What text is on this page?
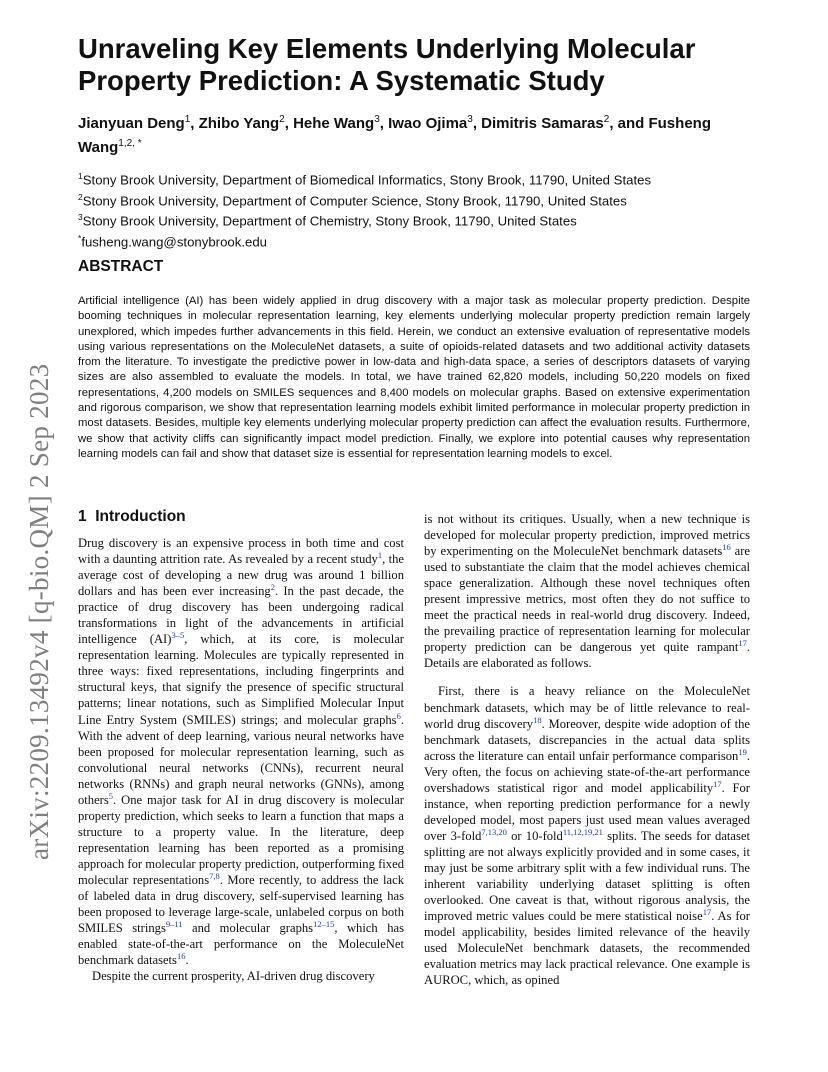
arXiv:2209.13492v4 [q-bio.QM] 2 Sep 2023
Unraveling Key Elements Underlying Molecular
Property Prediction: A Systematic Study
Jianyuan Deng$^1$, Zhibo Yang$^2$, Hehe Wang$^3$, Iwao Ojima$^3$, Dimitris Samaras$^2$, and Fusheng
Wang$^{1,2, *}$
$^1$Stony Brook University, Department of Biomedical Informatics, Stony Brook, 11790, United States
$^2$Stony Brook University, Department of Computer Science, Stony Brook, 11790, United States
$^3$Stony Brook University, Department of Chemistry, Stony Brook, 11790, United States
*fusheng.wang@stonybrook.edu
ABSTRACT
Artificial intelligence (AI) has been widely applied in drug discovery with a major task as molecular property prediction. Despite booming techniques in molecular representation learning, key elements underlying molecular property prediction remain largely unexplored, which impedes further advancements in this field. Herein, we conduct an extensive evaluation of representative models using various representations on the MoleculeNet datasets, a suite of opioids-related datasets and two additional activity datasets from the literature. To investigate the predictive power in low-data and high-data space, a series of descriptors datasets of varying sizes are also assembled to evaluate the models. In total, we have trained 62,820 models, including 50,220 models on fixed representations, 4,200 models on SMILES sequences and 8,400 models on molecular graphs. Based on extensive experimentation and rigorous comparison, we show that representation learning models exhibit limited performance in molecular property prediction in most datasets. Besides, multiple key elements underlying molecular property prediction can affect the evaluation results. Furthermore, we show that activity cliffs can significantly impact model prediction. Finally, we explore into potential causes why representation learning models can fail and show that dataset size is essential for representation learning models to excel.
1 Introduction

Drug discovery is an expensive process in both time and cost with a daunting attrition rate. As revealed by a recent study$^1$, the average cost of developing a new drug was around 1 billion dollars and has been ever increasing$^2$. In the past decade, the practice of drug discovery has been undergoing radical transformations in light of the advancements in artificial intelligence (AI)$^{3-5}$, which, at its core, is molecular representation learning. Molecules are typically represented in three ways: fixed representations, including fingerprints and structural keys, that signify the presence of specific structural patterns; linear notations, such as Simplified Molecular Input Line Entry System (SMILES) strings; and molecular graphs$^6$. With the advent of deep learning, various neural networks have been proposed for molecular representation learning, such as convolutional neural networks (CNNs), recurrent neural networks (RNNs) and graph neural networks (GNNs), among others$^5$. One major task for AI in drug discovery is molecular property prediction, which seeks to learn a function that maps a structure to a property value. In the literature, deep representation learning has been reported as a promising approach for molecular property prediction, outperforming fixed molecular representations$^{7,8}$. More recently, to address the lack of labeled data in drug discovery, self-supervised learning has been proposed to leverage large-scale, unlabeled corpus on both SMILES strings$^{9-11}$ and molecular graphs$^{12-15}$, which has enabled state-of-the-art performance on the MoleculeNet benchmark datasets$^{16}$.

Despite the current prosperity, AI-driven drug discovery

is not without its critiques. Usually, when a new technique is developed for molecular property prediction, improved metrics by experimenting on the MoleculeNet benchmark datasets$^{16}$ are used to substantiate the claim that the model achieves chemical space generalization. Although these novel techniques often present impressive metrics, most often they do not suffice to meet the practical needs in real-world drug discovery. Indeed, the prevailing practice of representation learning for molecular property prediction can be dangerous yet quite rampant$^{17}$. Details are elaborated as follows.

First, there is a heavy reliance on the MoleculeNet benchmark datasets, which may be of little relevance to real-world drug discovery$^{18}$. Moreover, despite wide adoption of the benchmark datasets, discrepancies in the actual data splits across the literature can entail unfair performance comparison$^{19}$. Very often, the focus on achieving state-of-the-art performance overshadows statistical rigor and model applicability$^{17}$. For instance, when reporting prediction performance for a newly developed model, most papers just used mean values averaged over 3-fold$^{7,13,20}$ or 10-fold$^{11,12,19,21}$ splits. The seeds for dataset splitting are not always explicitly provided and in some cases, it may just be some arbitrary split with a few individual runs. The inherent variability underlying dataset splitting is often overlooked. One caveat is that, without rigorous analysis, the improved metric values could be mere statistical noise$^{17}$. As for model applicability, besides limited relevance of the heavily used MoleculeNet benchmark datasets, the recommended evaluation metrics may lack practical relevance. One example is AUROC, which, as opined
